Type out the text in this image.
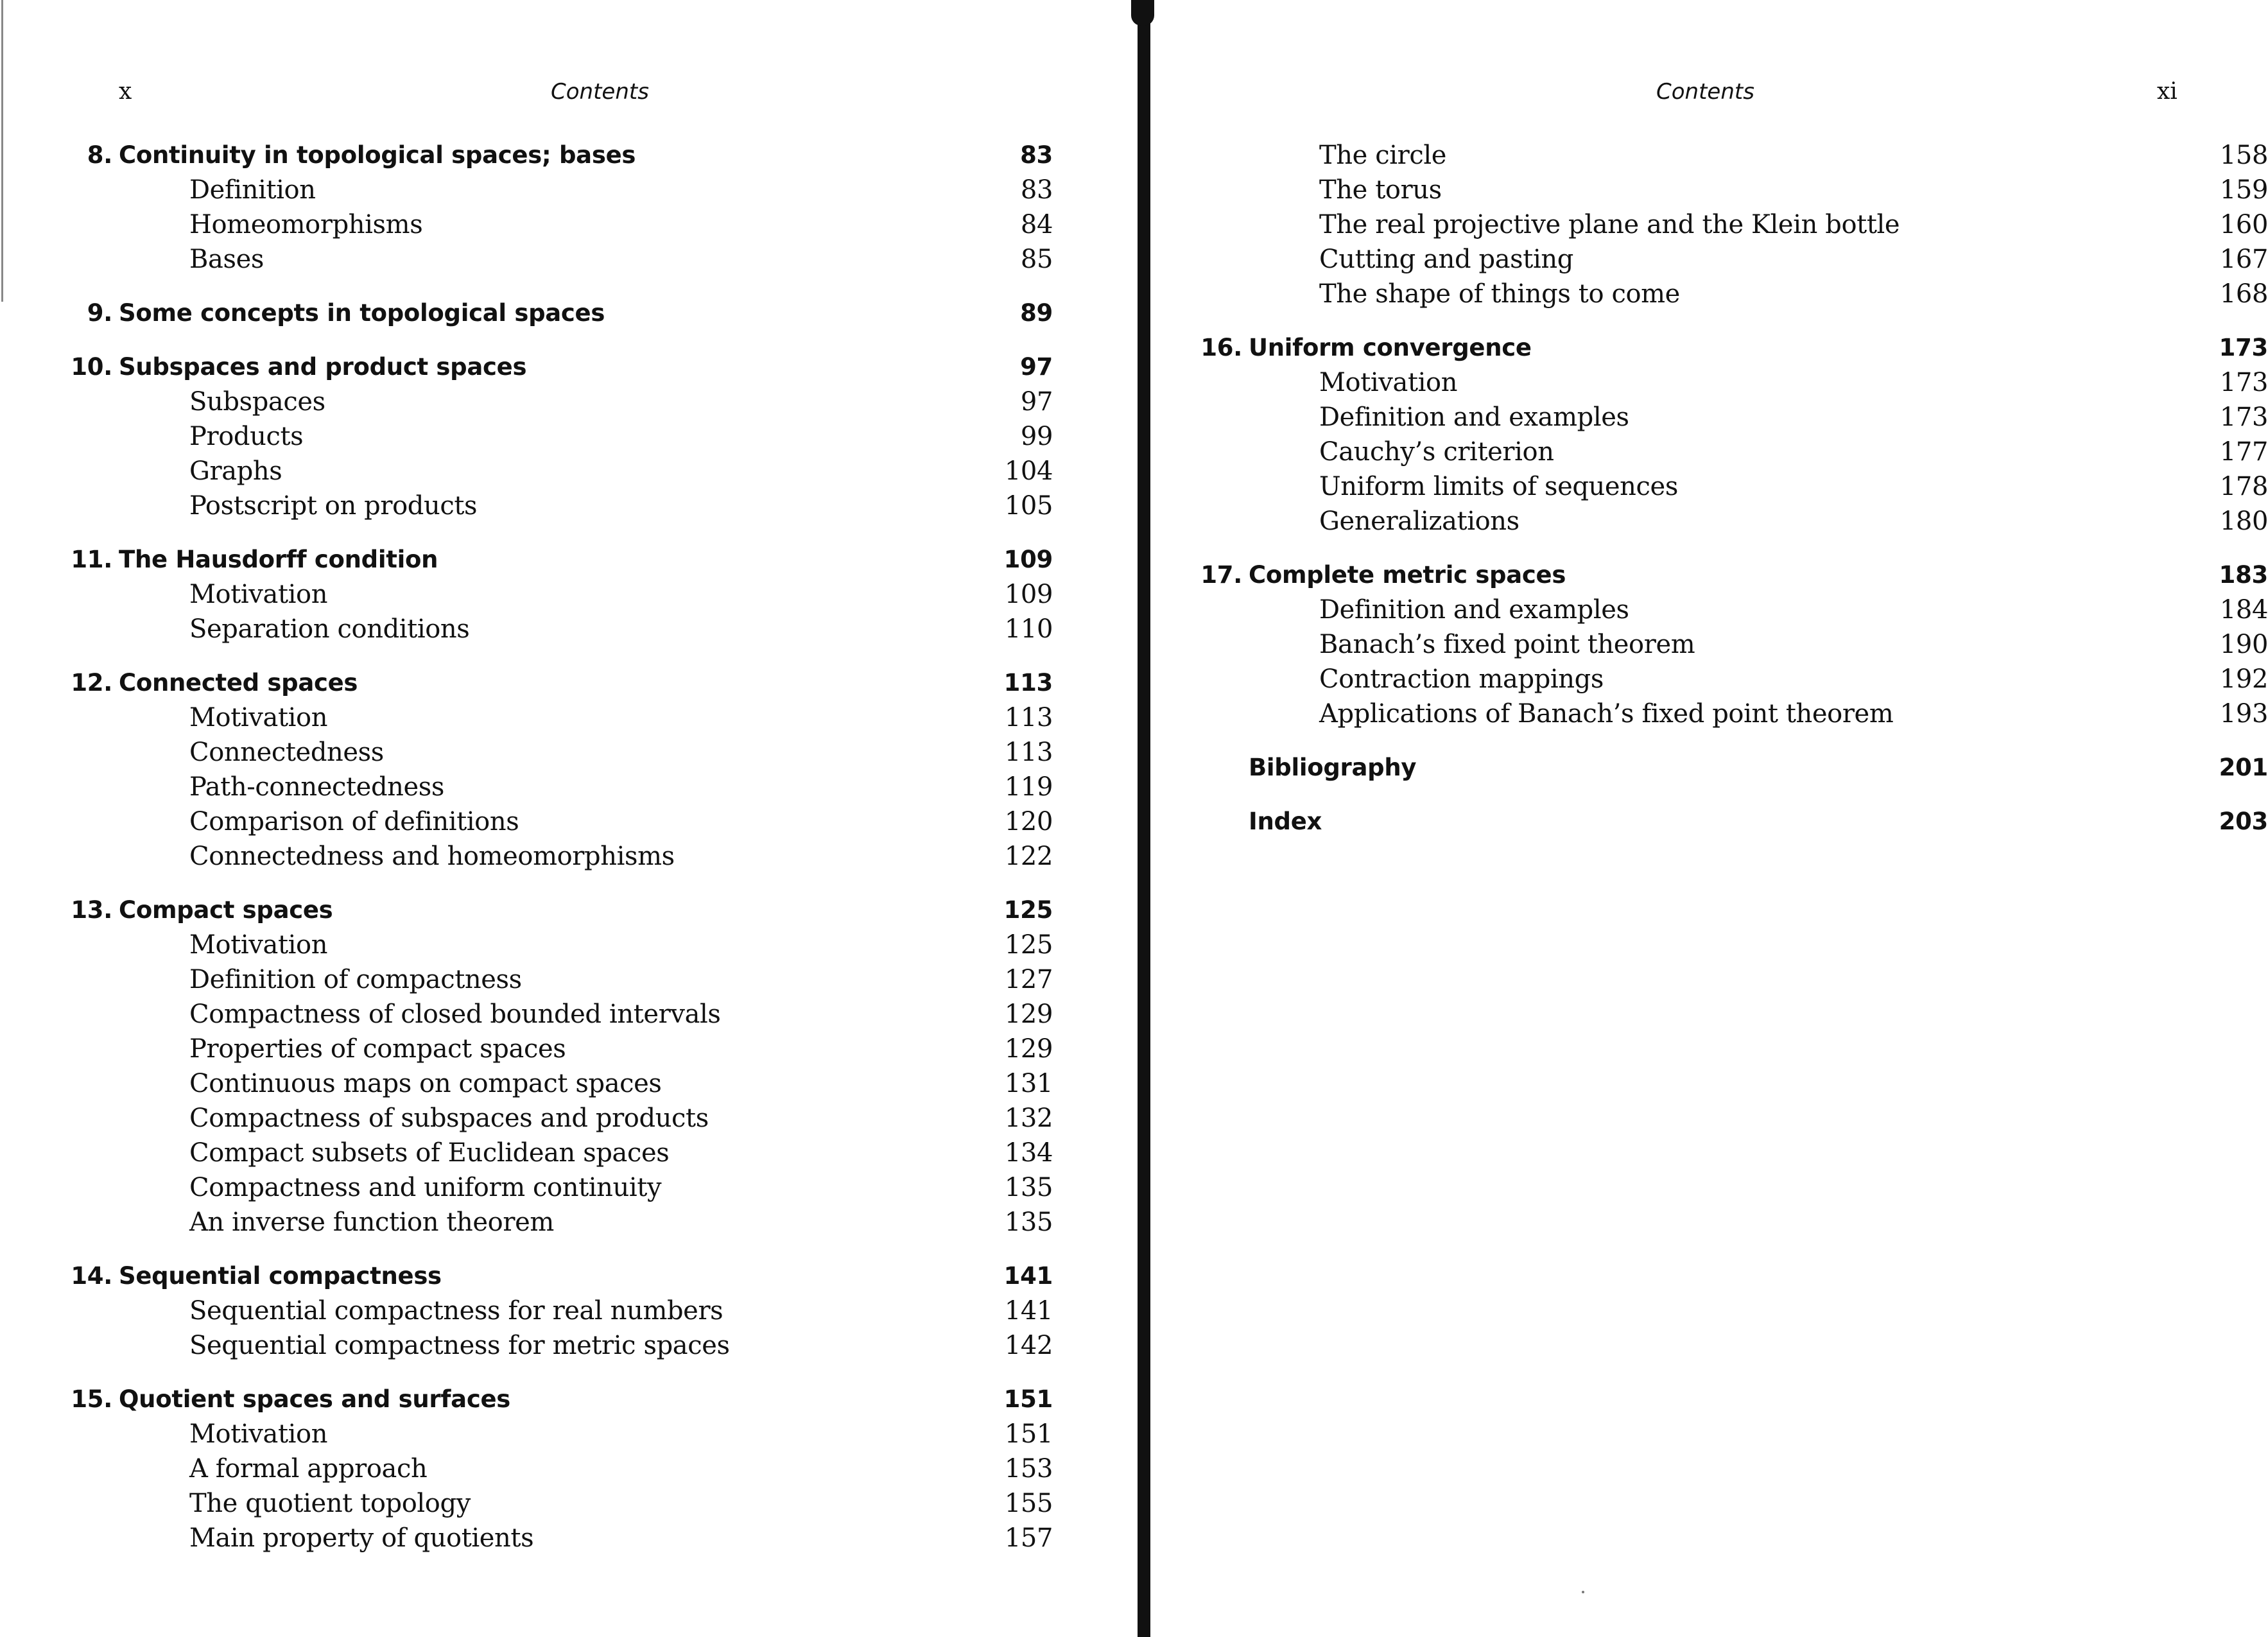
x	Contents
8. Continuity in topological spaces; bases	83
Definition	83
Homeomorphisms	84
Bases	85
9. Some concepts in topological spaces	89
10. Subspaces and product spaces	97
Subspaces	97
Products	99
Graphs	104
Postscript on products	105
11. The Hausdorff condition	109
Motivation	109
Separation conditions	110
12. Connected spaces	113
Motivation	113
Connectedness	113
Path-connectedness	119
Comparison of definitions	120
Connectedness and homeomorphisms	122
13. Compact spaces	125
Motivation	125
Definition of compactness	127
Compactness of closed bounded intervals	129
Properties of compact spaces	129
Continuous maps on compact spaces	131
Compactness of subspaces and products	132
Compact subsets of Euclidean spaces	134
Compactness and uniform continuity	135
An inverse function theorem	135
14. Sequential compactness	141
Sequential compactness for real numbers	141
Sequential compactness for metric spaces	142
15. Quotient spaces and surfaces	151
Motivation	151
A formal approach	153
The quotient topology	155
Main property of quotients	157
Contents	xi
The circle	158
The torus	159
The real projective plane and the Klein bottle	160
Cutting and pasting	167
The shape of things to come	168
16. Uniform convergence	173
Motivation	173
Definition and examples	173
Cauchy’s criterion	177
Uniform limits of sequences	178
Generalizations	180
17. Complete metric spaces	183
Definition and examples	184
Banach’s fixed point theorem	190
Contraction mappings	192
Applications of Banach’s fixed point theorem	193
Bibliography	201
Index	203
